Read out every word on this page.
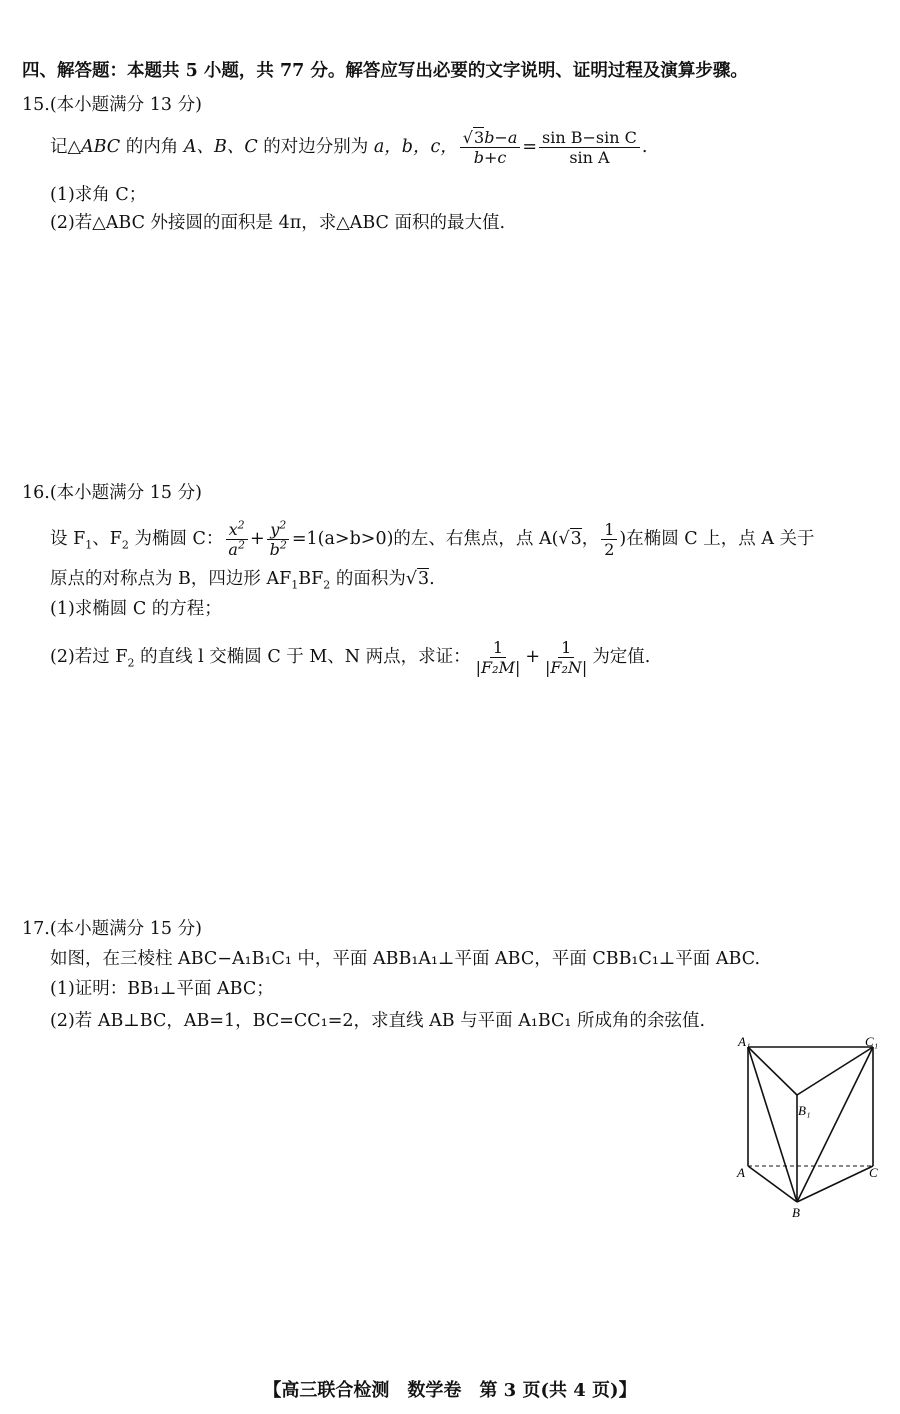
四、解答题：本题共 5 小题，共 77 分。解答应写出必要的文字说明、证明过程及演算步骤。
15.(本小题满分 13 分)
记△ABC 的内角 A、B、C 的对边分别为 a，b，c， $\frac{√3b-a}{b+c} = \frac{\text{sin B−sin C}}{\text{sin A}}$ .
(1)求角 C；
(2)若△ABC 外接圆的面积是 4π，求△ABC 面积的最大值.
16.(本小题满分 15 分)
设 $F_1$、$F_2$ 为椭圆 C： $\frac{x^2}{a^2} + \frac{y^2}{b^2} =1(a>b>0)$的左、右焦点，点 A(√3， $\frac{1}{2}$ )在椭圆 C 上，点 A 关于
原点的对称点为 B，四边形 $AF_1BF_2$ 的面积为√3.
(1)求椭圆 C 的方程；
(2)若过 $F_2$ 的直线 l 交椭圆 C 于 M、N 两点，求证： $\frac{1}{\text{|F₂M|}} + \frac{1}{\text{|F₂N|}}$ 为定值.
17.(本小题满分 15 分)
如图，在三棱柱 ABC−A₁B₁C₁ 中，平面 ABB₁A₁⊥平面 ABC，平面 CBB₁C₁⊥平面 ABC.
(1)证明：BB₁⊥平面 ABC；
(2)若 AB⊥BC，AB=1，BC=CC₁=2，求直线 AB 与平面 A₁BC₁ 所成角的余弦值.
A₁	C₁
B₁
A	C
B
【高三联合检测　数学卷　第 3 页(共 4 页)】
